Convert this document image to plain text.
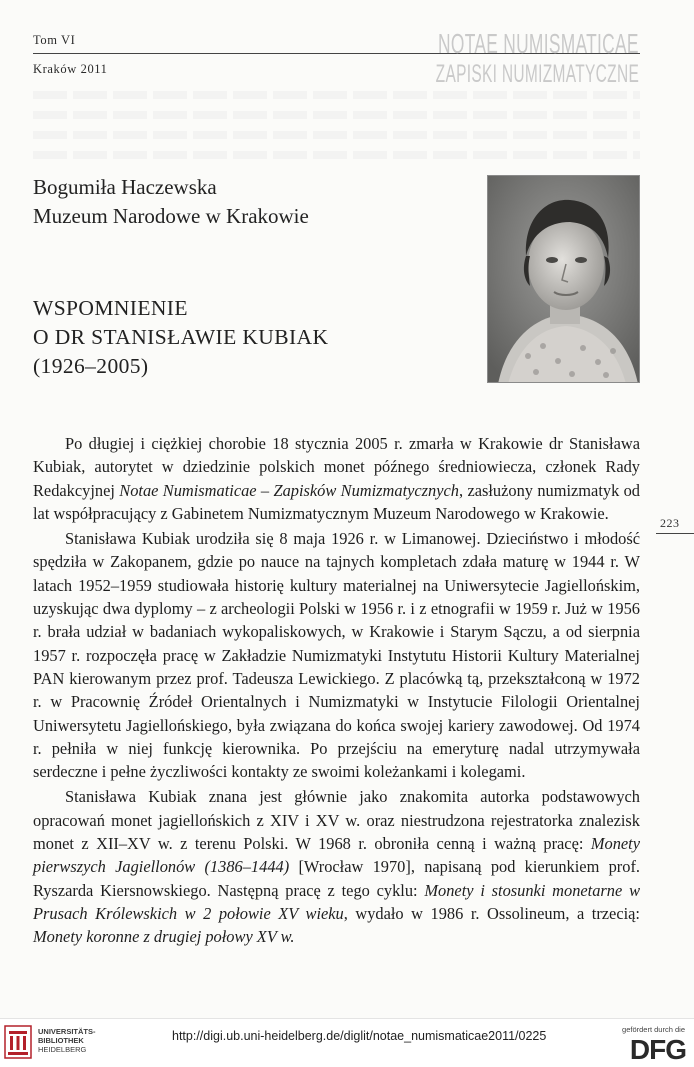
Tom VI
Kraków 2011
NOTAE NUMISMATICAE
ZAPISKI NUMIZMATYCZNE
Bogumiła Haczewska
Muzeum Narodowe w Krakowie
WSPOMNIENIE
O DR STANISŁAWIE KUBIAK
(1926–2005)
223

Po długiej i ciężkiej chorobie 18 stycznia 2005 r. zmarła w Krakowie dr Stanisława Kubiak, autorytet w dziedzinie polskich monet późnego średniowiecza, członek Rady Redakcyjnej Notae Numismaticae – Zapisków Numizmatycznych, zasłużony numizmatyk od lat współpracujący z Gabinetem Numizmatycznym Muzeum Narodowego w Krakowie.

Stanisława Kubiak urodziła się 8 maja 1926 r. w Limanowej. Dzieciństwo i młodość spędziła w Zakopanem, gdzie po nauce na tajnych kompletach zdała maturę w 1944 r. W latach 1952–1959 studiowała historię kultury materialnej na Uniwersytecie Jagiellońskim, uzyskując dwa dyplomy – z archeologii Polski w 1956 r. i z etnografii w 1959 r. Już w 1956 r. brała udział w badaniach wykopaliskowych, w Krakowie i Starym Sączu, a od sierpnia 1957 r. rozpoczęła pracę w Zakładzie Numizmatyki Instytutu Historii Kultury Materialnej PAN kierowanym przez prof. Tadeusza Lewickiego. Z placówką tą, przekształconą w 1972 r. w Pracownię Źródeł Orientalnych i Numizmatyki w Instytucie Filologii Orientalnej Uniwersytetu Jagiellońskiego, była związana do końca swojej kariery zawodowej. Od 1974 r. pełniła w niej funkcję kierownika. Po przejściu na emeryturę nadal utrzymywała serdeczne i pełne życzliwości kontakty ze swoimi koleżankami i kolegami.

Stanisława Kubiak znana jest głównie jako znakomita autorka podstawowych opracowań monet jagiellońskich z XIV i XV w. oraz niestrudzona rejestratorka znalezisk monet z XII–XV w. z terenu Polski. W 1968 r. obroniła cenną i ważną pracę: Monety pierwszych Jagiellonów (1386–1444) [Wrocław 1970], napisaną pod kierunkiem prof. Ryszarda Kiersnowskiego. Następną pracę z tego cyklu: Monety i stosunki monetarne w Prusach Królewskich w 2 połowie XV wieku, wydało w 1986 r. Ossolineum, a trzecią: Monety koronne z drugiej połowy XV w.

UNIVERSITÄTS-
BIBLIOTHEK
HEIDELBERG
http://digi.ub.uni-heidelberg.de/diglit/notae_numismaticae2011/0225	gefördert durch die
DFG
